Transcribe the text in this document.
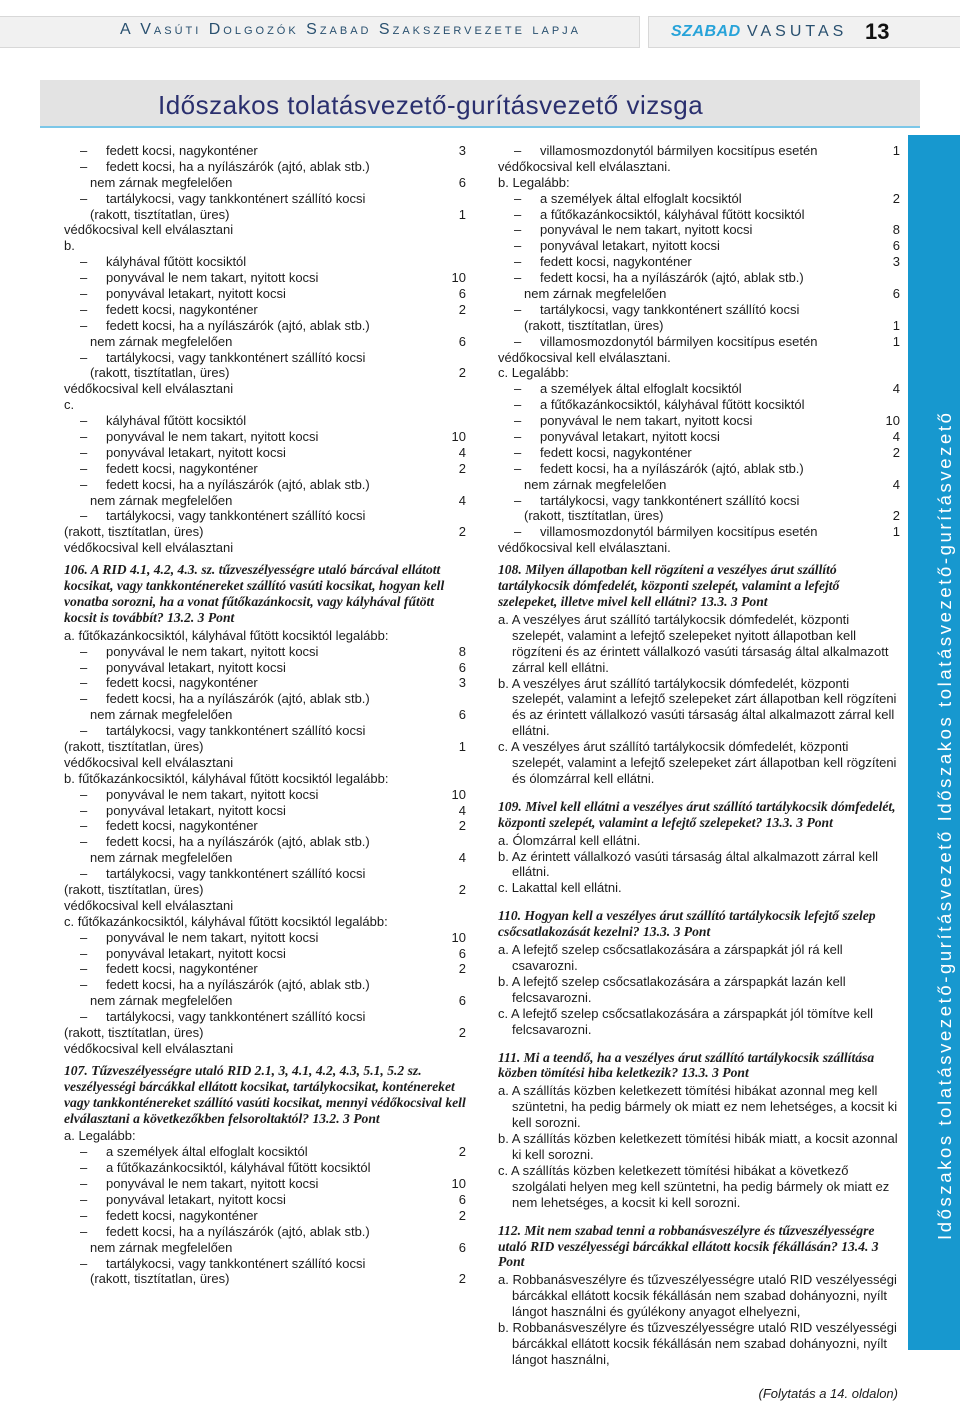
A Vasúti Dolgozók Szabad Szakszervezete lapja	SZABAD VASUTAS 13
Időszakos tolatásvezető-gurításvezető vizsga
Időszakos tolatásvezető-gurításvezető Időszakos tolatásvezető-gurításvezető
–
fedett kocsi, nagykonténer	3
–
fedett kocsi, ha a nyílászárók (ajtó, ablak stb.)
nem zárnak megfelelően	6
–
tartálykocsi, vagy tankkonténert szállító kocsi
(rakott, tisztítatlan, üres)	1
védőkocsival kell elválasztani
b.
–
kályhával fűtött kocsiktól
–
ponyvával le nem takart, nyitott kocsi	10
–
ponyvával letakart, nyitott kocsi	6
–
fedett kocsi, nagykonténer	2
–
fedett kocsi, ha a nyílászárók (ajtó, ablak stb.)
nem zárnak megfelelően	6
–
tartálykocsi, vagy tankkonténert szállító kocsi
(rakott, tisztítatlan, üres)	2
védőkocsival kell elválasztani
c.
–
kályhával fűtött kocsiktól
–
ponyvával le nem takart, nyitott kocsi	10
–
ponyvával letakart, nyitott kocsi	4
–
fedett kocsi, nagykonténer	2
–
fedett kocsi, ha a nyílászárók (ajtó, ablak stb.)
nem zárnak megfelelően	4
–
tartálykocsi, vagy tankkonténert szállító kocsi
(rakott, tisztítatlan, üres)	2
védőkocsival kell elválasztani
106. A RID 4.1, 4.2, 4.3. sz. tűzveszélyességre utaló bárcával ellátott kocsikat, vagy tankkonténereket szállító vasúti kocsikat, hogyan kell vonatba sorozni, ha a vonat fűtőkazánkocsit, vagy kályhával fűtött kocsit is továbbít? 13.2. 3 Pont
a. fűtőkazánkocsiktól, kályhával fűtött kocsiktól legalább:
–
ponyvával le nem takart, nyitott kocsi	8
–
ponyvával letakart, nyitott kocsi	6
–
fedett kocsi, nagykonténer	3
–
fedett kocsi, ha a nyílászárók (ajtó, ablak stb.)
nem zárnak megfelelően	6
–
tartálykocsi, vagy tankkonténert szállító kocsi
(rakott, tisztítatlan, üres)	1
védőkocsival kell elválasztani
b. fűtőkazánkocsiktól, kályhával fűtött kocsiktól legalább:
–
ponyvával le nem takart, nyitott kocsi	10
–
ponyvával letakart, nyitott kocsi	4
–
fedett kocsi, nagykonténer	2
–
fedett kocsi, ha a nyílászárók (ajtó, ablak stb.)
nem zárnak megfelelően	4
–
tartálykocsi, vagy tankkonténert szállító kocsi
(rakott, tisztítatlan, üres)	2
védőkocsival kell elválasztani
c. fűtőkazánkocsiktól, kályhával fűtött kocsiktól legalább:
–
ponyvával le nem takart, nyitott kocsi	10
–
ponyvával letakart, nyitott kocsi	6
–
fedett kocsi, nagykonténer	2
–
fedett kocsi, ha a nyílászárók (ajtó, ablak stb.)
nem zárnak megfelelően	6
–
tartálykocsi, vagy tankkonténert szállító kocsi
(rakott, tisztítatlan, üres)	2
védőkocsival kell elválasztani
107. Tűzveszélyességre utaló RID 2.1, 3, 4.1, 4.2, 4.3, 5.1, 5.2 sz. veszélyességi bárcákkal ellátott kocsikat, tartálykocsikat, konténereket vagy tankkonténereket szállító vasúti kocsikat, mennyi védőkocsival kell elválasztani a következőkben felsoroltaktól? 13.2. 3 Pont
a. Legalább:
–
a személyek által elfoglalt kocsiktól	2
–
a fűtőkazánkocsiktól, kályhával fűtött kocsiktól
–
ponyvával le nem takart, nyitott kocsi	10
–
ponyvával letakart, nyitott kocsi	6
–
fedett kocsi, nagykonténer	2
–
fedett kocsi, ha a nyílászárók (ajtó, ablak stb.)
nem zárnak megfelelően	6
–
tartálykocsi, vagy tankkonténert szállító kocsi
(rakott, tisztítatlan, üres)	2
–
villamosmozdonytól bármilyen kocsitípus esetén	1
védőkocsival kell elválasztani.
b. Legalább:
–
a személyek által elfoglalt kocsiktól	2
–
a fűtőkazánkocsiktól, kályhával fűtött kocsiktól
–
ponyvával le nem takart, nyitott kocsi	8
–
ponyvával letakart, nyitott kocsi	6
–
fedett kocsi, nagykonténer	3
–
fedett kocsi, ha a nyílászárók (ajtó, ablak stb.)
nem zárnak megfelelően	6
–
tartálykocsi, vagy tankkonténert szállító kocsi
(rakott, tisztítatlan, üres)	1
–
villamosmozdonytól bármilyen kocsitípus esetén	1
védőkocsival kell elválasztani.
c. Legalább:
–
a személyek által elfoglalt kocsiktól	4
–
a fűtőkazánkocsiktól, kályhával fűtött kocsiktól
–
ponyvával le nem takart, nyitott kocsi	10
–
ponyvával letakart, nyitott kocsi	4
–
fedett kocsi, nagykonténer	2
–
fedett kocsi, ha a nyílászárók (ajtó, ablak stb.)
nem zárnak megfelelően	4
–
tartálykocsi, vagy tankkonténert szállító kocsi
(rakott, tisztítatlan, üres)	2
–
villamosmozdonytól bármilyen kocsitípus esetén	1
védőkocsival kell elválasztani.
108. Milyen állapotban kell rögzíteni a veszélyes árut szállító tartálykocsik dómfedelét, központi szelepét, valamint a lefejtő szelepeket, illetve mivel kell ellátni? 13.3. 3 Pont
a. A veszélyes árut szállító tartálykocsik dómfedelét, központi szelepét, valamint a lefejtő szelepeket nyitott állapotban kell rögzíteni és az érintett vállalkozó vasúti társaság által alkalmazott zárral kell ellátni.
b. A veszélyes árut szállító tartálykocsik dómfedelét, központi szelepét, valamint a lefejtő szelepeket zárt állapotban kell rögzíteni és az érintett vállalkozó vasúti társaság által alkalmazott zárral kell ellátni.
c. A veszélyes árut szállító tartálykocsik dómfedelét, központi szelepét, valamint a lefejtő szelepeket zárt állapotban kell rögzíteni és ólomzárral kell ellátni.
109. Mivel kell ellátni a veszélyes árut szállító tartálykocsik dómfedelét, központi szelepét, valamint a lefejtő szelepeket? 13.3. 3 Pont
a. Ólomzárral kell ellátni.
b. Az érintett vállalkozó vasúti társaság által alkalmazott zárral kell ellátni.
c. Lakattal kell ellátni.
110. Hogyan kell a veszélyes árut szállító tartálykocsik lefejtő szelep csőcsatlakozását kezelni? 13.3. 3 Pont
a. A lefejtő szelep csőcsatlakozására a zárspapkát jól rá kell csavarozni.
b. A lefejtő szelep csőcsatlakozására a zárspapkát lazán kell felcsavarozni.
c. A lefejtő szelep csőcsatlakozására a zárspapkát jól tömítve kell felcsavarozni.
111. Mi a teendő, ha a veszélyes árut szállító tartálykocsik szállítása közben tömítési hiba keletkezik? 13.3. 3 Pont
a. A szállítás közben keletkezett tömítési hibákat azonnal meg kell szüntetni, ha pedig bármely ok miatt ez nem lehetséges, a kocsit ki kell sorozni.
b. A szállítás közben keletkezett tömítési hibák miatt, a kocsit azonnal ki kell sorozni.
c. A szállítás közben keletkezett tömítési hibákat a következő szolgálati helyen meg kell szüntetni, ha pedig bármely ok miatt ez nem lehetséges, a kocsit ki kell sorozni.
112. Mit nem szabad tenni a robbanásveszélyre és tűzveszélyességre utaló RID veszélyességi bárcákkal ellátott kocsik fékállásán? 13.4. 3 Pont
a. Robbanásveszélyre és tűzveszélyességre utaló RID veszélyességi bárcákkal ellátott kocsik fékállásán nem szabad dohányozni, nyílt lángot használni és gyúlékony anyagot elhelyezni,
b. Robbanásveszélyre és tűzveszélyességre utaló RID veszélyességi bárcákkal ellátott kocsik fékállásán nem szabad dohányozni, nyílt lángot használni,
(Folytatás a 14. oldalon)
